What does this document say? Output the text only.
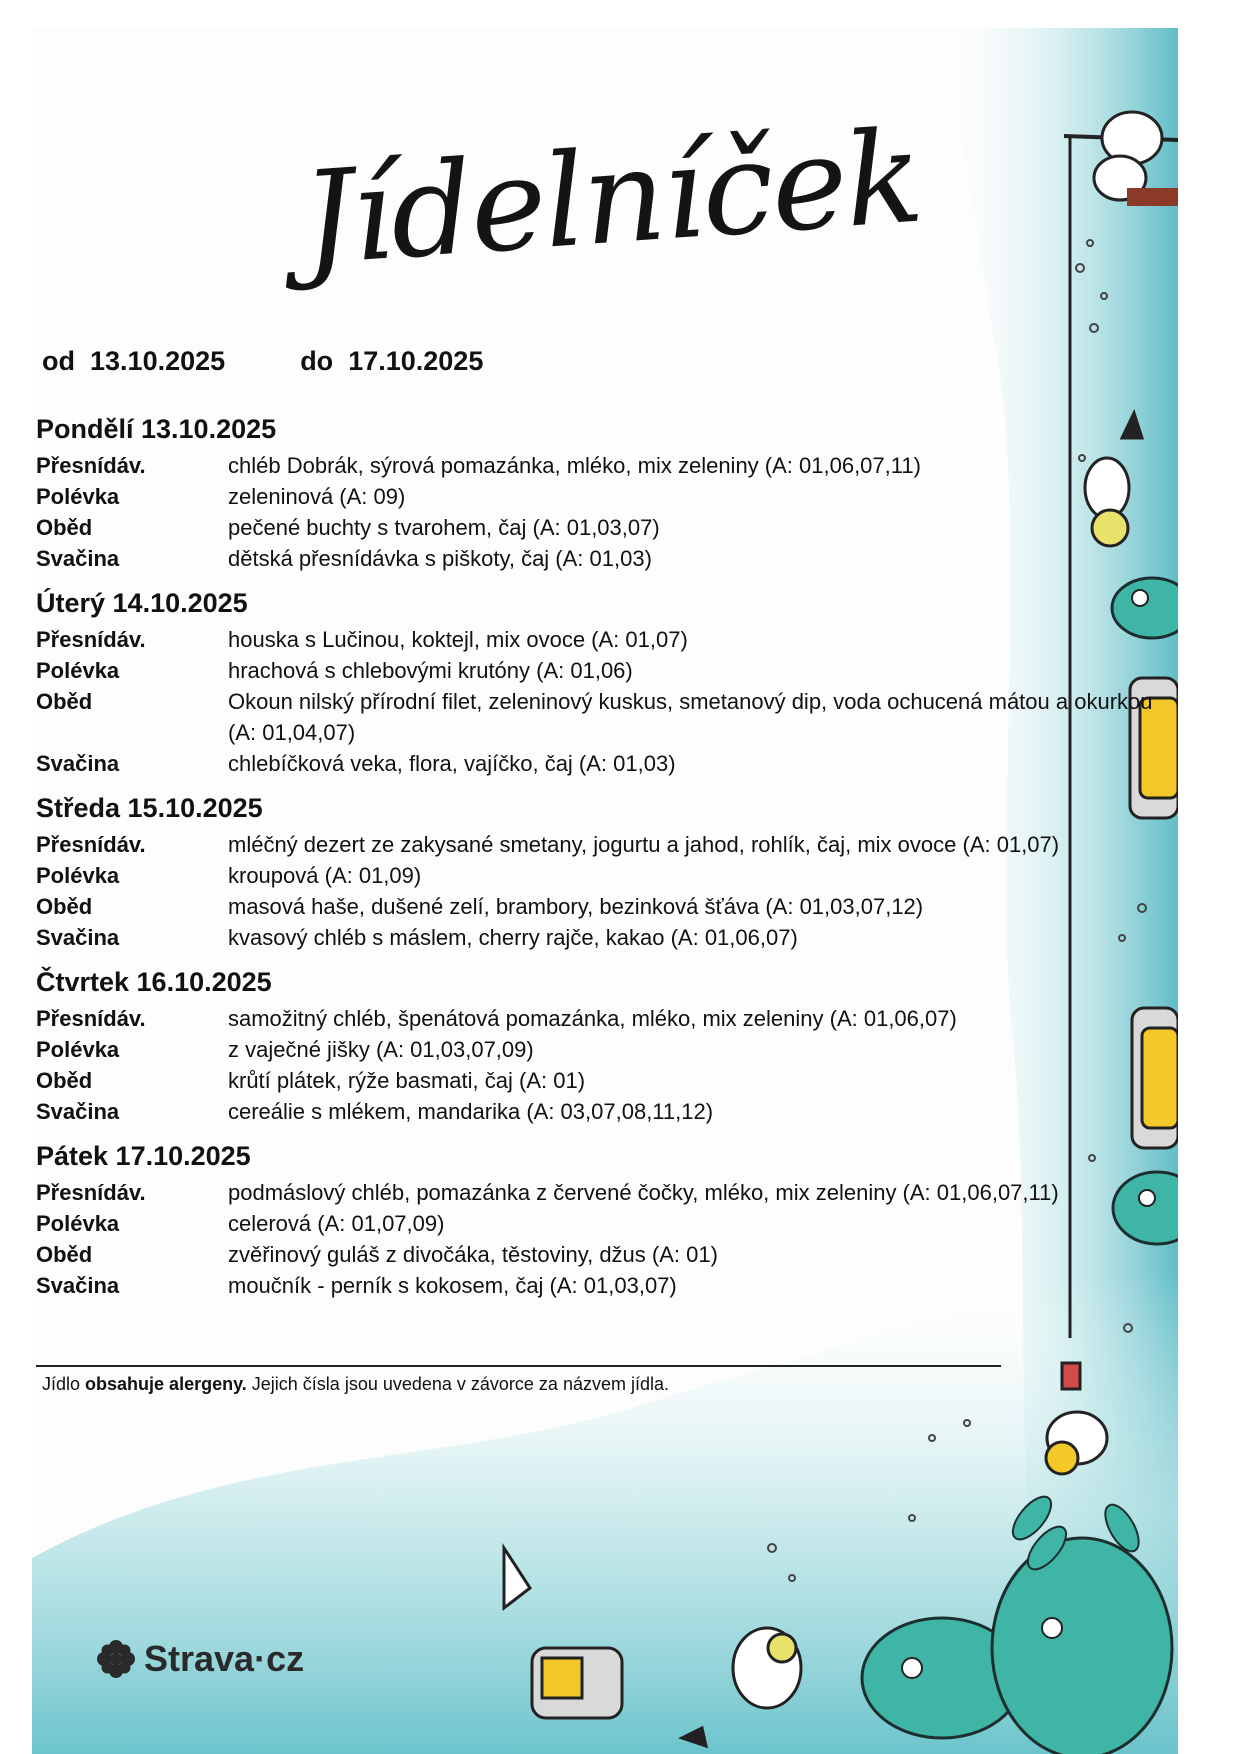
Jídelníček
od 13.10.2025	do 17.10.2025
Pondělí 13.10.2025
Přesnídáv.	chléb Dobrák, sýrová pomazánka, mléko, mix zeleniny (A: 01,06,07,11)
Polévka	zeleninová (A: 09)
Oběd	pečené buchty s tvarohem, čaj (A: 01,03,07)
Svačina	dětská přesnídávka s piškoty, čaj (A: 01,03)
Úterý 14.10.2025
Přesnídáv.	houska s Lučinou, koktejl, mix ovoce (A: 01,07)
Polévka	hrachová s chlebovými krutóny (A: 01,06)
Oběd	Okoun nilský přírodní filet, zeleninový kuskus, smetanový dip, voda ochucená mátou a okurkou (A: 01,04,07)
Svačina	chlebíčková veka, flora, vajíčko, čaj (A: 01,03)
Středa 15.10.2025
Přesnídáv.	mléčný dezert ze zakysané smetany, jogurtu a jahod, rohlík, čaj, mix ovoce (A: 01,07)
Polévka	kroupová (A: 01,09)
Oběd	masová haše, dušené zelí, brambory, bezinková šťáva (A: 01,03,07,12)
Svačina	kvasový chléb s máslem, cherry rajče, kakao (A: 01,06,07)
Čtvrtek 16.10.2025
Přesnídáv.	samožitný chléb, špenátová pomazánka, mléko, mix zeleniny (A: 01,06,07)
Polévka	z vaječné jišky (A: 01,03,07,09)
Oběd	krůtí plátek, rýže basmati, čaj (A: 01)
Svačina	cereálie s mlékem, mandarika (A: 03,07,08,11,12)
Pátek 17.10.2025
Přesnídáv.	podmáslový chléb, pomazánka z červené čočky, mléko, mix zeleniny (A: 01,06,07,11)
Polévka	celerová (A: 01,07,09)
Oběd	zvěřinový guláš z divočáka, těstoviny, džus (A: 01)
Svačina	moučník - perník s kokosem, čaj (A: 01,03,07)
Jídlo obsahuje alergeny. Jejich čísla jsou uvedena v závorce za názvem jídla.
Strava·cz
